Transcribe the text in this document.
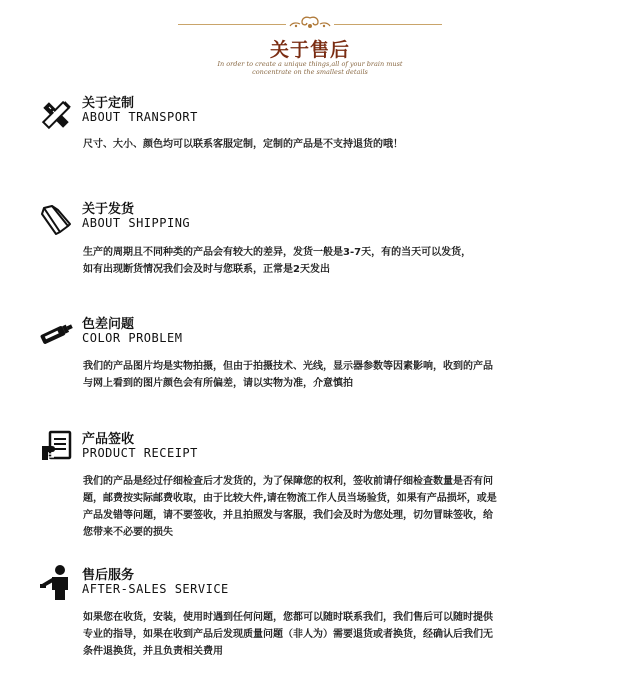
关于售后
In order to create a unique things,all of your brain must
concentrate on the smallest details
关于定制
ABOUT TRANSPORT
尺寸、大小、颜色均可以联系客服定制，定制的产品是不支持退货的哦！
关于发货
ABOUT SHIPPING
生产的周期且不同种类的产品会有较大的差异，发货一般是3-7天，有的当天可以发货，
如有出现断货情况我们会及时与您联系，正常是2天发出
色差问题
COLOR PROBLEM
我们的产品图片均是实物拍摄，但由于拍摄技术、光线，显示器参数等因素影响，收到的产品
与网上看到的图片颜色会有所偏差，请以实物为准，介意慎拍
产品签收
PRODUCT RECEIPT
我们的产品是经过仔细检查后才发货的，为了保障您的权利，签收前请仔细检查数量是否有问
题，邮费按实际邮费收取，由于比较大件,请在物流工作人员当场验货，如果有产品损坏，或是
产品发错等问题，请不要签收，并且拍照发与客服，我们会及时为您处理，切勿冒昧签收，给
您带来不必要的损失
售后服务
AFTER-SALES SERVICE
如果您在收货，安装，使用时遇到任何问题，您都可以随时联系我们，我们售后可以随时提供
专业的指导，如果在收到产品后发现质量问题（非人为）需要退货或者换货，经确认后我们无
条件退换货，并且负责相关费用
